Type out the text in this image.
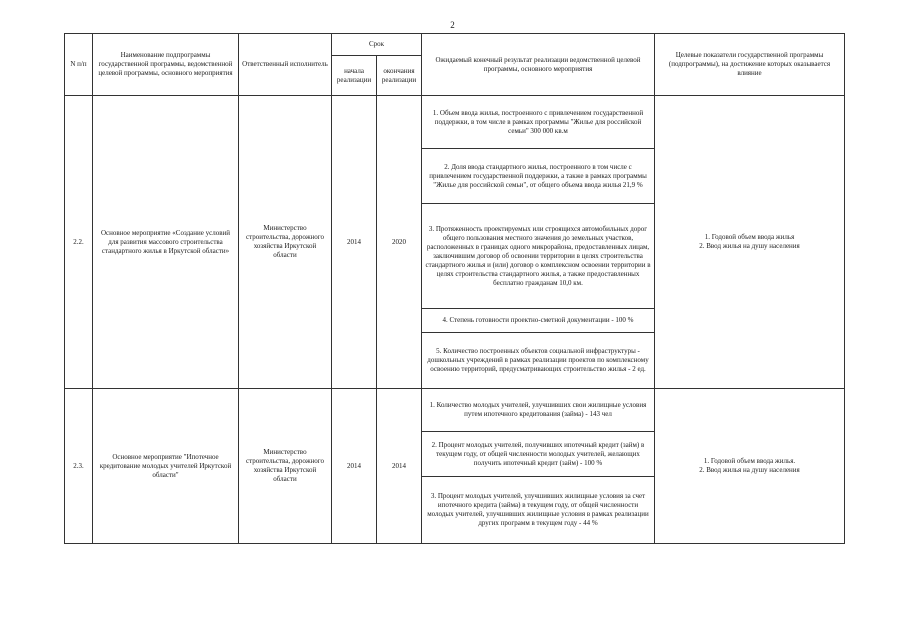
2
N п/п	Наименование подпрограммы государственной программы, ведомственной целевой программы, основного мероприятия	Ответственный исполнитель	Срок		Ожидаемый конечный результат реализации ведомственной целевой программы, основного мероприятия	Целевые показатели государственной программы (подпрограммы), на достижение которых оказывается влияние
			начала реализации	окончания реализации		
2.2.	Основное мероприятие «Создание условий для развития массового строительства стандартного жилья в Иркутской области»	Министерство строительства, дорожного хозяйства Иркутской области	2014	2020	1. Объем ввода жилья, построенного с привлечением государственной поддержки, в том числе в рамках программы "Жилье для российской семьи" 300 000 кв.м	1. Годовой объем ввода жилья
2. Ввод жилья на душу населения

					2. Доля ввода стандартного жилья, построенного в том числе с привлечением государственной поддержки, а также в рамках программы "Жилье для российской семьи", от общего объема ввода жилья 21,9 %	
					3. Протяженность проектируемых или строящихся автомобильных дорог общего пользования местного значения до земельных участков, расположенных в границах одного микрорайона, предоставленных лицам, заключившим договор об освоении территории в целях строительства стандартного жилья и (или) договор о комплексном освоении территории в целях строительства стандартного жилья, а также предоставленных бесплатно гражданам 10,0 км.	
					4. Степень готовности проектно-сметной документации - 100 %	
					5. Количество построенных объектов социальной инфраструктуры - дошкольных учреждений в рамках реализации проектов по комплексному освоению территорий, предусматривающих строительство жилья - 2 ед.	
2.3.	Основное мероприятие "Ипотечное кредитование молодых учителей Иркутской области"	Министерство строительства, дорожного хозяйства Иркутской области	2014	2014	1. Количество молодых учителей, улучшивших свои жилищные условия путем ипотечного кредитования (займа) - 143 чел	1. Годовой объем ввода жилья.
2. Ввод жилья на душу населения

					2. Процент молодых учителей, получивших ипотечный кредит (займ) в текущем году, от общей численности молодых учителей, желающих получить ипотечный кредит (займ) - 100 %	
					3. Процент молодых учителей, улучшивших жилищные условия за счет ипотечного кредита (займа) в текущем году, от общей численности молодых учителей, улучшивших жилищные условия в рамках реализации других программ в текущем году - 44 %	
